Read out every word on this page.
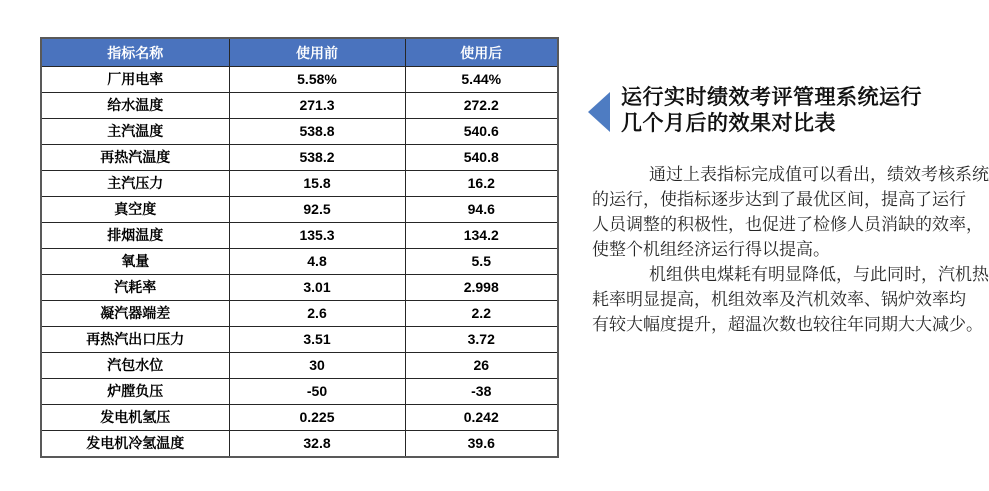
指标名称	使用前	使用后
厂用电率	5.58%	5.44%
给水温度	271.3	272.2
主汽温度	538.8	540.6
再热汽温度	538.2	540.8
主汽压力	15.8	16.2
真空度	92.5	94.6
排烟温度	135.3	134.2
氧量	4.8	5.5
汽耗率	3.01	2.998
凝汽器端差	2.6	2.2
再热汽出口压力	3.51	3.72
汽包水位	30	26
炉膛负压	-50	-38
发电机氢压	0.225	0.242
发电机冷氢温度	32.8	39.6
运行实时绩效考评管理系统运行
几个月后的效果对比表
通过上表指标完成值可以看出，绩效考核系统
的运行，使指标逐步达到了最优区间，提高了运行
人员调整的积极性，也促进了检修人员消缺的效率，
使整个机组经济运行得以提高。
机组供电煤耗有明显降低，与此同时，汽机热
耗率明显提高，机组效率及汽机效率、锅炉效率均
有较大幅度提升，超温次数也较往年同期大大减少。
